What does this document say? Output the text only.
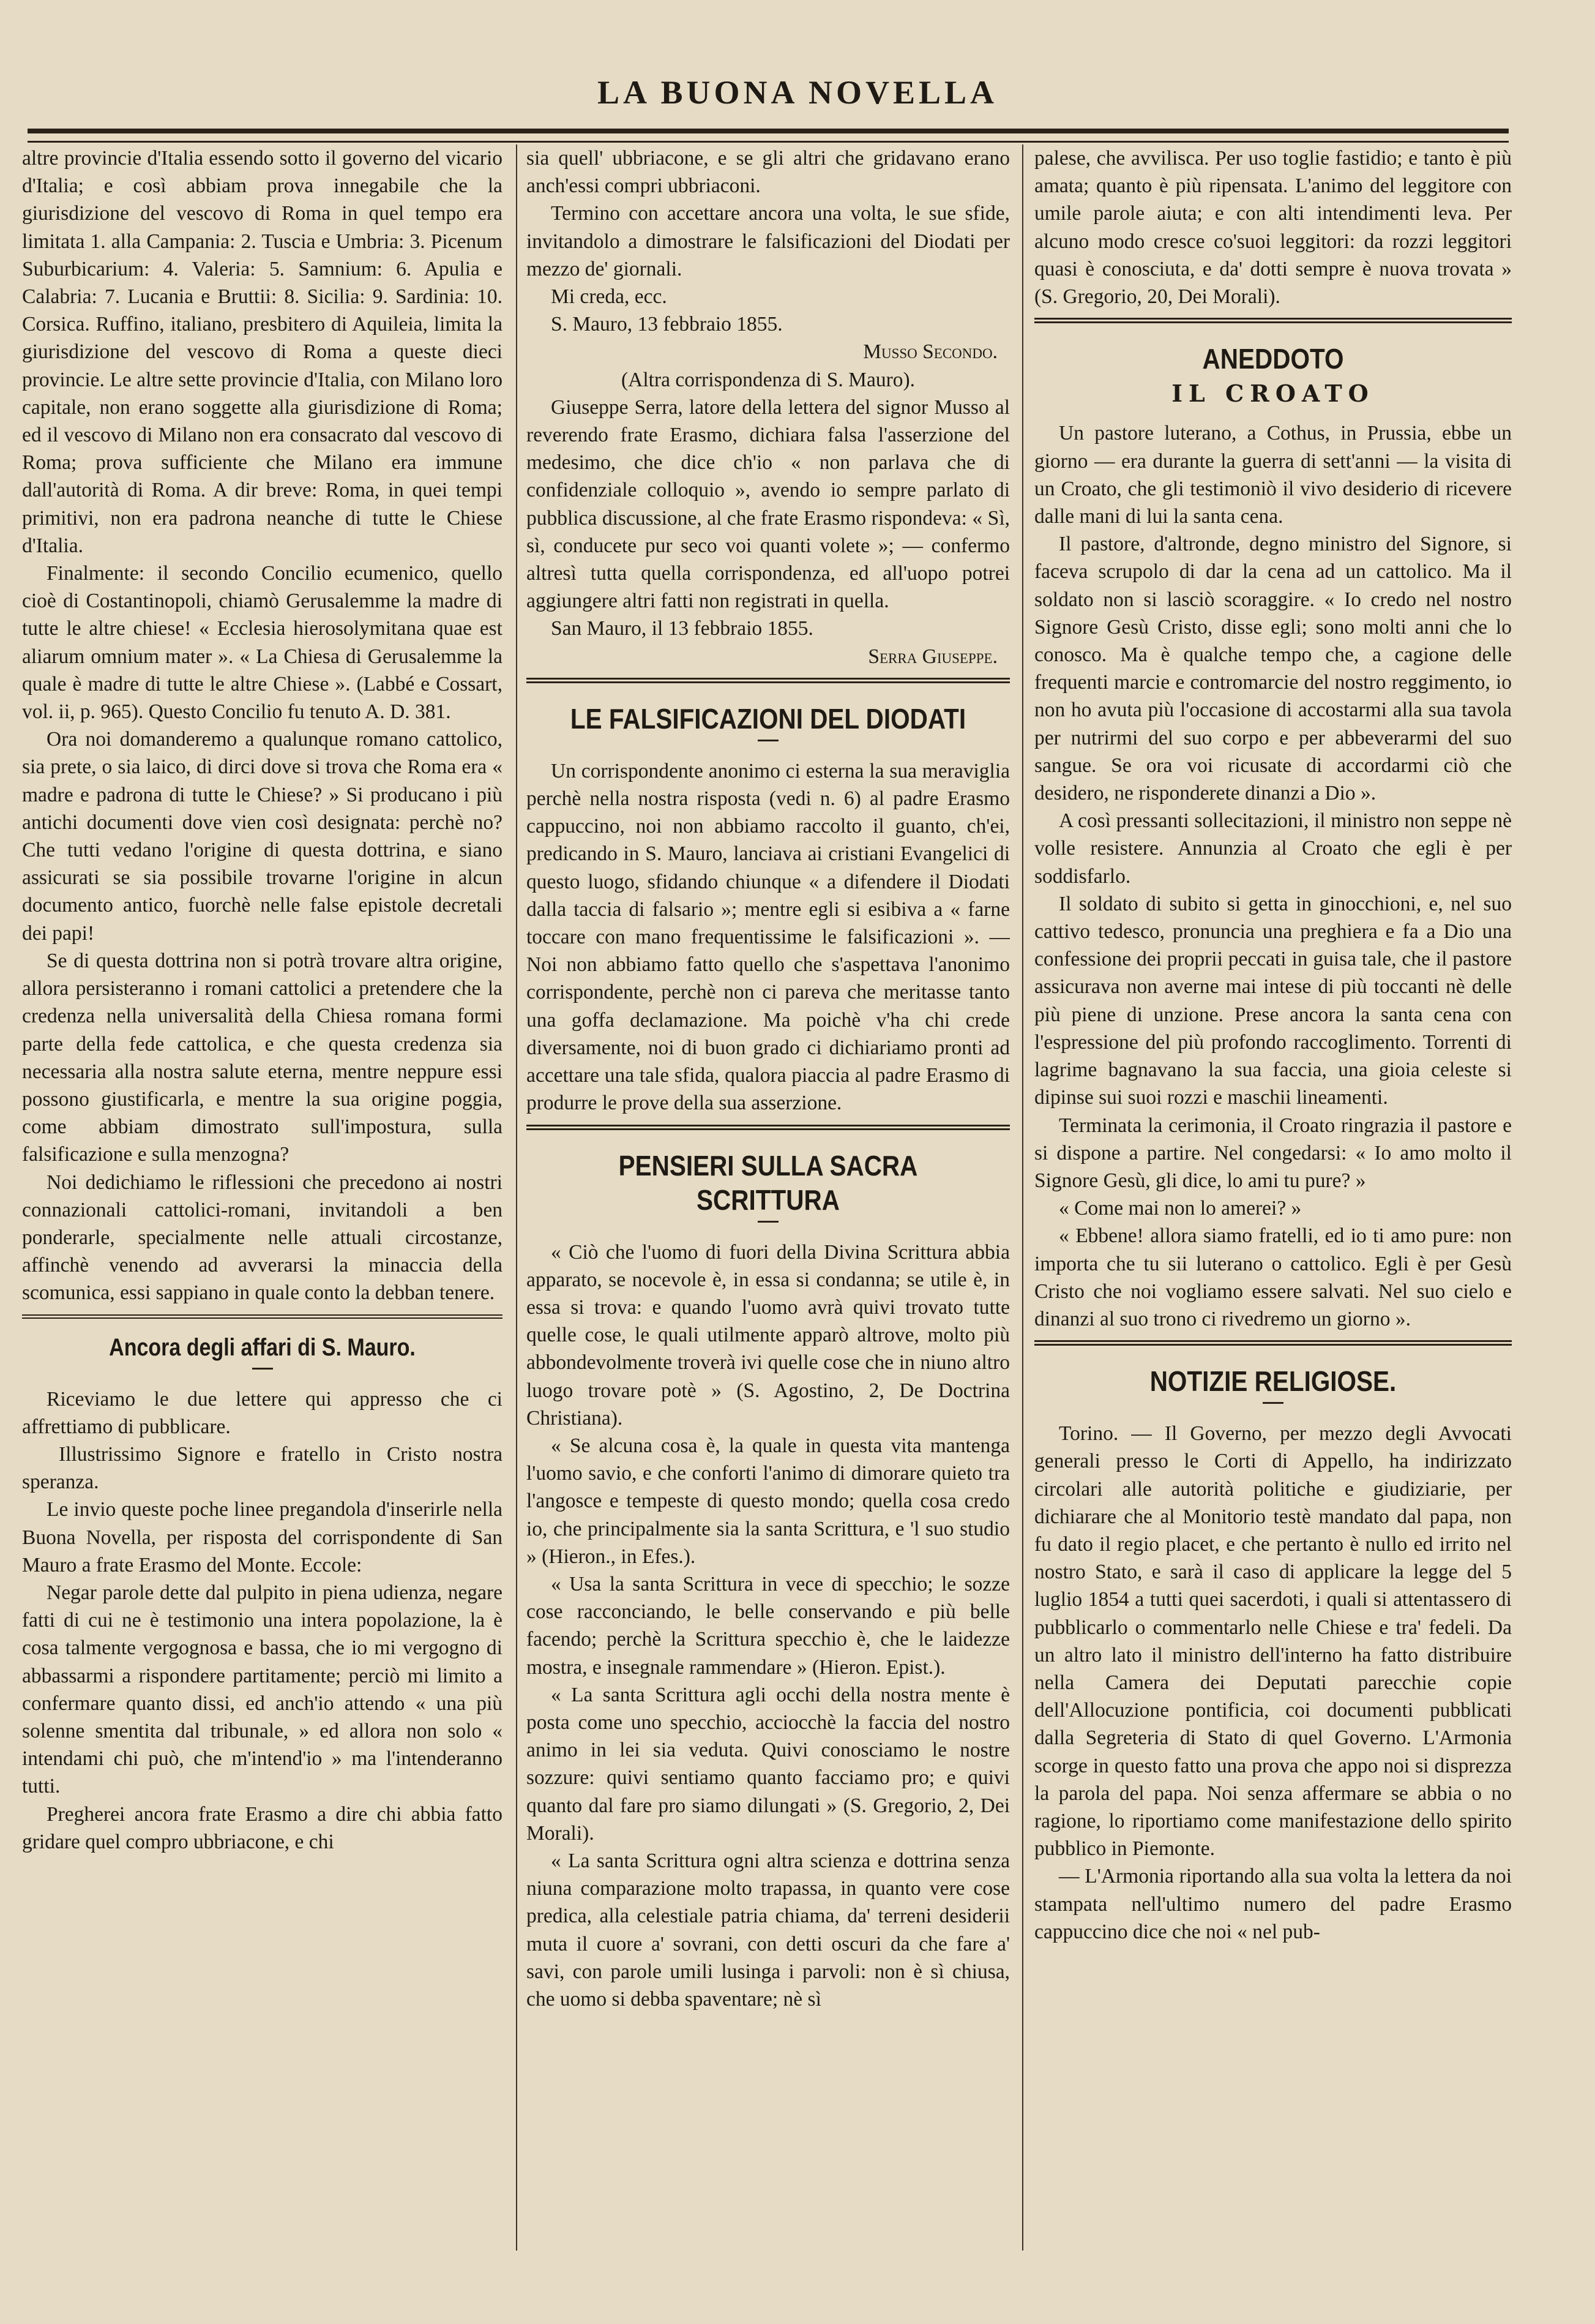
LA BUONA NOVELLA

altre provincie d'Italia essendo sotto il governo del vicario d'Italia; e così abbiam prova innegabile che la giurisdizione del vescovo di Roma in quel tempo era limitata 1. alla Campania: 2. Tuscia e Umbria: 3. Picenum Suburbicarium: 4. Valeria: 5. Samnium: 6. Apulia e Calabria: 7. Lucania e Bruttii: 8. Sicilia: 9. Sardinia: 10. Corsica. Ruffino, italiano, presbitero di Aquileia, limita la giurisdizione del vescovo di Roma a queste dieci provincie. Le altre sette provincie d'Italia, con Milano loro capitale, non erano soggette alla giurisdizione di Roma; ed il vescovo di Milano non era consacrato dal vescovo di Roma; prova sufficiente che Milano era immune dall'autorità di Roma. A dir breve: Roma, in quei tempi primitivi, non era padrona neanche di tutte le Chiese d'Italia.

Finalmente: il secondo Concilio ecumenico, quello cioè di Costantinopoli, chiamò Gerusalemme la madre di tutte le altre chiese! « Ecclesia hierosolymitana quae est aliarum omnium mater ». « La Chiesa di Gerusalemme la quale è madre di tutte le altre Chiese ». (Labbé e Cossart, vol. ii, p. 965). Questo Concilio fu tenuto A. D. 381.

Ora noi domanderemo a qualunque romano cattolico, sia prete, o sia laico, di dirci dove si trova che Roma era « madre e padrona di tutte le Chiese? » Si producano i più antichi documenti dove vien così designata: perchè no? Che tutti vedano l'origine di questa dottrina, e siano assicurati se sia possibile trovarne l'origine in alcun documento antico, fuorchè nelle false epistole decretali dei papi!

Se di questa dottrina non si potrà trovare altra origine, allora persisteranno i romani cattolici a pretendere che la credenza nella universalità della Chiesa romana formi parte della fede cattolica, e che questa credenza sia necessaria alla nostra salute eterna, mentre neppure essi possono giustificarla, e mentre la sua origine poggia, come abbiam dimostrato sull'impostura, sulla falsificazione e sulla menzogna?

Noi dedichiamo le riflessioni che precedono ai nostri connazionali cattolici-romani, invitandoli a ben ponderarle, specialmente nelle attuali circostanze, affinchè venendo ad avverarsi la minaccia della scomunica, essi sappiano in quale conto la debban tenere.

Ancora degli affari di S. Mauro.

Riceviamo le due lettere qui appresso che ci affrettiamo di pubblicare.

Illustrissimo Signore e fratello in Cristo nostra speranza.

Le invio queste poche linee pregandola d'inserirle nella Buona Novella, per risposta del corrispondente di San Mauro a frate Erasmo del Monte. Eccole:

Negar parole dette dal pulpito in piena udienza, negare fatti di cui ne è testimonio una intera popolazione, la è cosa talmente vergognosa e bassa, che io mi vergogno di abbassarmi a rispondere partitamente; perciò mi limito a confermare quanto dissi, ed anch'io attendo « una più solenne smentita dal tribunale, » ed allora non solo « intendami chi può, che m'intend'io » ma l'intenderanno tutti.

Pregherei ancora frate Erasmo a dire chi abbia fatto gridare quel compro ubbriacone, e chi

sia quell' ubbriacone, e se gli altri che gridavano erano anch'essi compri ubbriaconi.

Termino con accettare ancora una volta, le sue sfide, invitandolo a dimostrare le falsificazioni del Diodati per mezzo de' giornali.

Mi creda, ecc.

S. Mauro, 13 febbraio 1855.

Musso Secondo.

(Altra corrispondenza di S. Mauro).

Giuseppe Serra, latore della lettera del signor Musso al reverendo frate Erasmo, dichiara falsa l'asserzione del medesimo, che dice ch'io « non parlava che di confidenziale colloquio », avendo io sempre parlato di pubblica discussione, al che frate Erasmo rispondeva: « Sì, sì, conducete pur seco voi quanti volete »; — confermo altresì tutta quella corrispondenza, ed all'uopo potrei aggiungere altri fatti non registrati in quella.

San Mauro, il 13 febbraio 1855.

Serra Giuseppe.

LE FALSIFICAZIONI DEL DIODATI

Un corrispondente anonimo ci esterna la sua meraviglia perchè nella nostra risposta (vedi n. 6) al padre Erasmo cappuccino, noi non abbiamo raccolto il guanto, ch'ei, predicando in S. Mauro, lanciava ai cristiani Evangelici di questo luogo, sfidando chiunque « a difendere il Diodati dalla taccia di falsario »; mentre egli si esibiva a « farne toccare con mano frequentissime le falsificazioni ». — Noi non abbiamo fatto quello che s'aspettava l'anonimo corrispondente, perchè non ci pareva che meritasse tanto una goffa declamazione. Ma poichè v'ha chi crede diversamente, noi di buon grado ci dichiariamo pronti ad accettare una tale sfida, qualora piaccia al padre Erasmo di produrre le prove della sua asserzione.

PENSIERI SULLA SACRA SCRITTURA

« Ciò che l'uomo di fuori della Divina Scrittura abbia apparato, se nocevole è, in essa si condanna; se utile è, in essa si trova: e quando l'uomo avrà quivi trovato tutte quelle cose, le quali utilmente apparò altrove, molto più abbondevolmente troverà ivi quelle cose che in niuno altro luogo trovare potè » (S. Agostino, 2, De Doctrina Christiana).

« Se alcuna cosa è, la quale in questa vita mantenga l'uomo savio, e che conforti l'animo di dimorare quieto tra l'angosce e tempeste di questo mondo; quella cosa credo io, che principalmente sia la santa Scrittura, e 'l suo studio » (Hieron., in Efes.).

« Usa la santa Scrittura in vece di specchio; le sozze cose racconciando, le belle conservando e più belle facendo; perchè la Scrittura specchio è, che le laidezze mostra, e insegnale rammendare » (Hieron. Epist.).

« La santa Scrittura agli occhi della nostra mente è posta come uno specchio, acciocchè la faccia del nostro animo in lei sia veduta. Quivi conosciamo le nostre sozzure: quivi sentiamo quanto facciamo pro; e quivi quanto dal fare pro siamo dilungati » (S. Gregorio, 2, Dei Morali).

« La santa Scrittura ogni altra scienza e dottrina senza niuna comparazione molto trapassa, in quanto vere cose predica, alla celestiale patria chiama, da' terreni desiderii muta il cuore a' sovrani, con detti oscuri da che fare a' savi, con parole umili lusinga i parvoli: non è sì chiusa, che uomo si debba spaventare; nè sì

palese, che avvilisca. Per uso toglie fastidio; e tanto è più amata; quanto è più ripensata. L'animo del leggitore con umile parole aiuta; e con alti intendimenti leva. Per alcuno modo cresce co'suoi leggitori: da rozzi leggitori quasi è conosciuta, e da' dotti sempre è nuova trovata » (S. Gregorio, 20, Dei Morali).

ANEDDOTO
IL CROATO

Un pastore luterano, a Cothus, in Prussia, ebbe un giorno — era durante la guerra di sett'anni — la visita di un Croato, che gli testimoniò il vivo desiderio di ricevere dalle mani di lui la santa cena.

Il pastore, d'altronde, degno ministro del Signore, si faceva scrupolo di dar la cena ad un cattolico. Ma il soldato non si lasciò scoraggire. « Io credo nel nostro Signore Gesù Cristo, disse egli; sono molti anni che lo conosco. Ma è qualche tempo che, a cagione delle frequenti marcie e contromarcie del nostro reggimento, io non ho avuta più l'occasione di accostarmi alla sua tavola per nutrirmi del suo corpo e per abbeverarmi del suo sangue. Se ora voi ricusate di accordarmi ciò che desidero, ne risponderete dinanzi a Dio ».

A così pressanti sollecitazioni, il ministro non seppe nè volle resistere. Annunzia al Croato che egli è per soddisfarlo.

Il soldato di subito si getta in ginocchioni, e, nel suo cattivo tedesco, pronuncia una preghiera e fa a Dio una confessione dei proprii peccati in guisa tale, che il pastore assicurava non averne mai intese di più toccanti nè delle più piene di unzione. Prese ancora la santa cena con l'espressione del più profondo raccoglimento. Torrenti di lagrime bagnavano la sua faccia, una gioia celeste si dipinse sui suoi rozzi e maschii lineamenti.

Terminata la cerimonia, il Croato ringrazia il pastore e si dispone a partire. Nel congedarsi: « Io amo molto il Signore Gesù, gli dice, lo ami tu pure? »

« Come mai non lo amerei? »

« Ebbene! allora siamo fratelli, ed io ti amo pure: non importa che tu sii luterano o cattolico. Egli è per Gesù Cristo che noi vogliamo essere salvati. Nel suo cielo e dinanzi al suo trono ci rivedremo un giorno ».

NOTIZIE RELIGIOSE.

Torino. — Il Governo, per mezzo degli Avvocati generali presso le Corti di Appello, ha indirizzato circolari alle autorità politiche e giudiziarie, per dichiarare che al Monitorio testè mandato dal papa, non fu dato il regio placet, e che pertanto è nullo ed irrito nel nostro Stato, e sarà il caso di applicare la legge del 5 luglio 1854 a tutti quei sacerdoti, i quali si attentassero di pubblicarlo o commentarlo nelle Chiese e tra' fedeli. Da un altro lato il ministro dell'interno ha fatto distribuire nella Camera dei Deputati parecchie copie dell'Allocuzione pontificia, coi documenti pubblicati dalla Segreteria di Stato di quel Governo. L'Armonia scorge in questo fatto una prova che appo noi si disprezza la parola del papa. Noi senza affermare se abbia o no ragione, lo riportiamo come manifestazione dello spirito pubblico in Piemonte.

— L'Armonia riportando alla sua volta la lettera da noi stampata nell'ultimo numero del padre Erasmo cappuccino dice che noi « nel pub-
